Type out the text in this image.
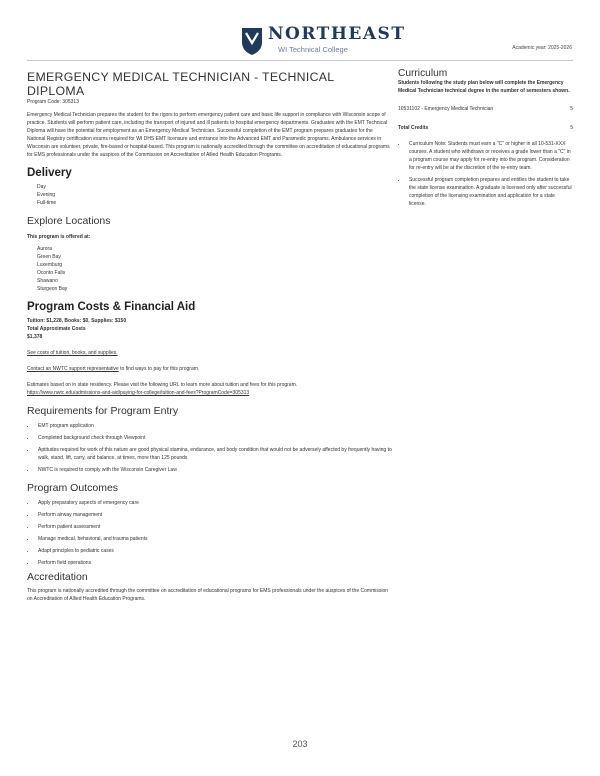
NORTHEAST
WI Technical College	Academic year: 2025-2026
EMERGENCY MEDICAL TECHNICIAN - TECHNICAL DIPLOMA
Program Code: 305313

Emergency Medical Technician prepares the student for the rigors to perform emergency patient care and basic life support in compliance with Wisconsin scope of practice. Students will perform patient care, including the transport of injured and ill patients to hospital emergency departments. Graduates with the EMT Technical Diploma will have the potential for employment as an Emergency Medical Technician. Successful completion of the EMT program prepares graduates for the National Registry certification exams required for WI DHS EMT licensure and entrance into the Advanced EMT and Paramedic programs. Ambulance services in Wisconsin are volunteer, private, fire-based or hospital-based. This program is nationally accredited through the committee on accreditation of educational programs for EMS professionals under the auspices of the Commission on Accreditation of Allied Health Education Programs.

Delivery
Day
Evening
Full-time
Explore Locations

This program is offered at:

Aurora
Green Bay
Luxemburg
Oconto Falls
Shawano
Sturgeon Bay
Program Costs & Financial Aid

Tuition: $1,228, Books: $0, Supplies: $150

Total Approximate Costs

$1,378

See costs of tuition, books, and supplies.

Contact an NWTC support representative to find ways to pay for this program.

Estimates based on in state residency. Please visit the following URL to learn more about tuition and fees for this program.

https://www.nwtc.edu/admissions-and-aid/paying-for-college/tuition-and-fees?ProgramCode=305313

Requirements for Program Entry
• EMT program application
• Completed background check through Viewpoint
• Aptitudes required for work of this nature are good physical stamina, endurance, and body condition that would not be adversely affected by frequently having to walk, stand, lift, carry, and balance, at times, more than 125 pounds
• NWTC is required to comply with the Wisconsin Caregiver Law
Program Outcomes
• Apply preparatory aspects of emergency care
• Perform airway management
• Perform patient assessment
• Manage medical, behavioral, and trauma patients
• Adapt principles to pediatric cases
• Perform field operations
Accreditation

This program is nationally accredited through the committee on accreditation of educational programs for EMS professionals under the auspices of the Commission on Accreditation of Allied Health Education Programs.

Curriculum

Students following the study plan below will complete the Emergency Medical Technician technical degree in the number of semesters shown.

5
10531102 - Emergency Medical Technician
5
Total Credits
• Curriculum Note: Students must earn a "C" or higher in all 10-531-XXX courses. A student who withdraws or receives a grade lower than a "C" in a program course may apply for re-entry into the program. Consideration for re-entry will be at the discretion of the re-entry team.
• Successful program completion prepares and entitles the student to take the state license examination. A graduate is licensed only after successful completion of the licensing examination and application for a state license.
203
